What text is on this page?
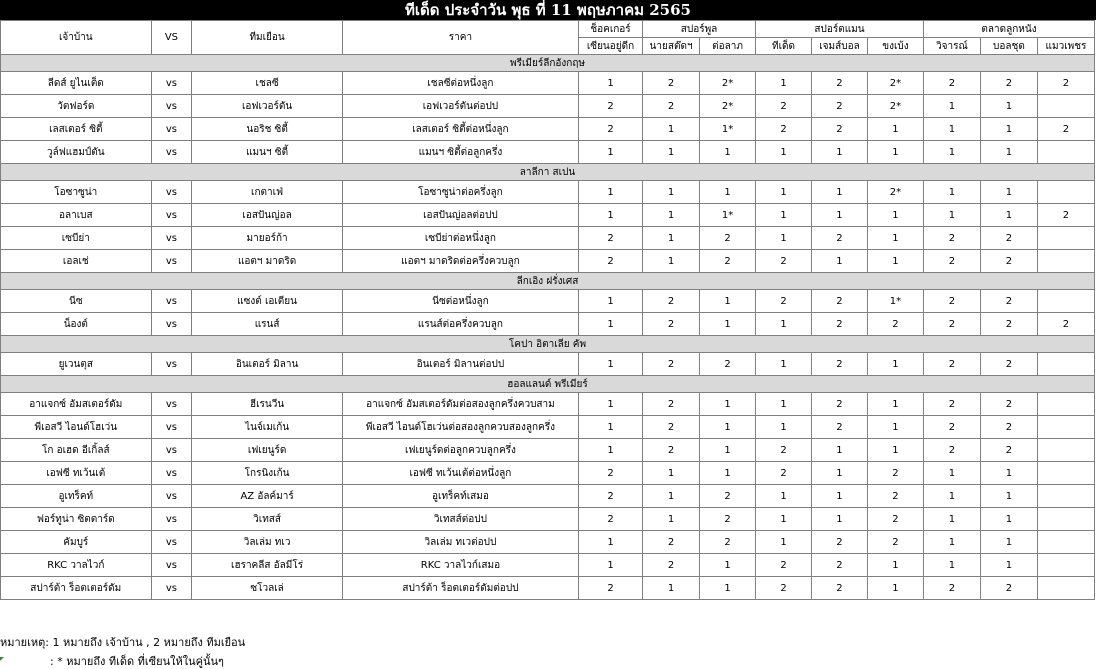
ทีเด็ด ประจำวัน พุธ ที่ 11 พฤษภาคม 2565
เจ้าบ้าน	VS	ทีมเยือน	ราคา	ช็อคเกอร์	สปอร์พูล		สปอร์ตแมน			ตลาดลูกหนัง		
				เซียนอยู่ดีก	นายสต๊ดฯ	ต่อลาภ	ทีเด็ด	เจมส์บอล	ขงเบ้ง	วิจารณ์	บอลชุด	แมวเพชร
พรีเมียร์ลีกอังกฤษ												
ลีดส์ ยูไนเต็ด	vs	เชลซี	เชลซีต่อหนึ่งลูก	1	2	2*	1	2	2*	2	2	2
วัตฟอร์ด	vs	เอฟเวอร์ตัน	เอฟเวอร์ตันต่อปป	2	2	2*	2	2	2*	1	1	
เลสเตอร์ ซิตี้	vs	นอริช ซิตี้	เลสเตอร์ ซิตี้ต่อหนึ่งลูก	2	1	1*	2	2	1	1	1	2
วูล์ฟแฮมป์ตัน	vs	แมนฯ ซิตี้	แมนฯ ซิตี้ต่อลูกครึ่ง	1	1	1	1	1	1	1	1	
ลาลีกา สเปน												
โอซาซูน่า	vs	เกตาเฟ่	โอซาซูน่าต่อครึ่งลูก	1	1	1	1	1	2*	1	1	
อลาเบส	vs	เอสปันญ่อล	เอสปันญ่อลต่อปป	1	1	1*	1	1	1	1	1	2
เซบีย่า	vs	มายอร์ก้า	เซบีย่าต่อหนึ่งลูก	2	1	2	1	2	1	2	2	
เอลเช่	vs	แอตฯ มาดริด	แอตฯ มาดริดต่อครึ่งควบลูก	2	1	2	2	1	1	2	2	
ลีกเอิง ฝรั่งเศส												
นีซ	vs	แซงต์ เอเตียน	นีซต่อหนึ่งลูก	1	2	1	2	2	1*	2	2	
น็องต์	vs	แรนส์	แรนส์ต่อครึ่งควบลูก	1	2	1	1	2	2	2	2	2
โคปา อิตาเลีย คัพ												
ยูเวนตุส	vs	อินเตอร์ มิลาน	อินเตอร์ มิลานต่อปป	1	2	2	1	2	1	2	2	
ฮอลแลนด์ พรีเมียร์												
อาแจกซ์ อัมสเตอร์ดัม	vs	ฮีเรนวีน	อาแจกซ์ อัมสเตอร์ดัมต่อสองลูกครึ่งควบสาม	1	2	1	1	2	1	2	2	
พีเอสวี ไอนด์โฮเว่น	vs	ไนจ์เมเก้น	พีเอสวี ไอนด์โฮเว่นต่อสองลูกควบสองลูกครึ่ง	1	2	1	1	2	1	2	2	
โก อเฮด อีเกิ้ลส์	vs	เฟเยนูร์ด	เฟเยนูร์ดต่อลูกควบลูกครึ่ง	1	2	1	2	1	1	2	2	
เอฟซี ทเว้นเต้	vs	โกรนิงเก้น	เอฟซี ทเว้นเต้ต่อหนึ่งลูก	2	1	1	2	1	2	1	1	
อูเทร็คท์	vs	AZ อัลค์มาร์	อูเทร็คท์เสมอ	2	1	2	1	1	2	1	1	
ฟอร์ทูน่า ซิตตาร์ด	vs	วิเทสส์	วิเทสส์ต่อปป	2	1	2	1	1	2	1	1	
คัมบูร์	vs	วิลเล่ม ทเว	วิลเล่ม ทเวต่อปป	1	2	2	1	2	2	1	1	
RKC วาลไวก์	vs	เฮราคลีส อัลมีโร่	RKC วาลไวก์เสมอ	1	2	1	2	2	1	1	1	
สปาร์ต้า ร็อตเตอร์ดัม	vs	ซโวลเล่	สปาร์ต้า ร็อตเตอร์ดัมต่อปป	2	1	1	2	2	1	2	2	
หมายเหตุ: 1 หมายถึง เจ้าบ้าน , 2 หมายถึง ทีมเยือน
: * หมายถึง ทีเด็ด ที่เซียนให้ในคู่นั้นๆ
